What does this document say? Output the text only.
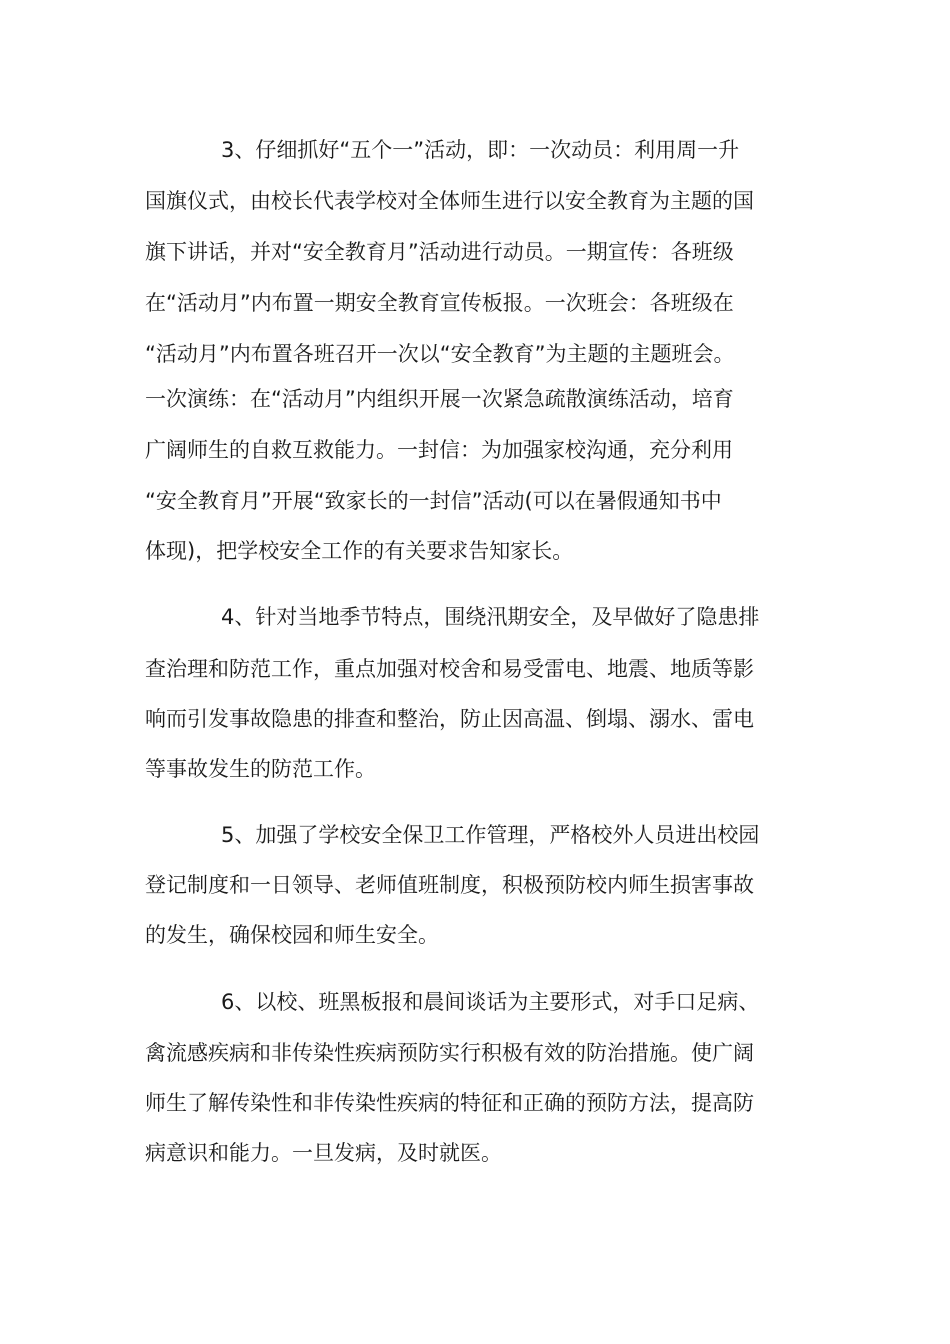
3、仔细抓好“五个一”活动，即：一次动员：利用周一升
国旗仪式，由校长代表学校对全体师生进行以安全教育为主题的国
旗下讲话，并对“安全教育月”活动进行动员。一期宣传：各班级
在“活动月”内布置一期安全教育宣传板报。一次班会：各班级在
“活动月”内布置各班召开一次以“安全教育”为主题的主题班会。
一次演练：在“活动月”内组织开展一次紧急疏散演练活动，培育
广阔师生的自救互救能力。一封信：为加强家校沟通，充分利用
“安全教育月”开展“致家长的一封信”活动(可以在暑假通知书中
体现)，把学校安全工作的有关要求告知家长。
4、针对当地季节特点，围绕汛期安全，及早做好了隐患排
查治理和防范工作，重点加强对校舍和易受雷电、地震、地质等影
响而引发事故隐患的排查和整治，防止因高温、倒塌、溺水、雷电
等事故发生的防范工作。
5、加强了学校安全保卫工作管理，严格校外人员进出校园
登记制度和一日领导、老师值班制度，积极预防校内师生损害事故
的发生，确保校园和师生安全。
6、以校、班黑板报和晨间谈话为主要形式，对手口足病、
禽流感疾病和非传染性疾病预防实行积极有效的防治措施。使广阔
师生了解传染性和非传染性疾病的特征和正确的预防方法，提高防
病意识和能力。一旦发病，及时就医。
